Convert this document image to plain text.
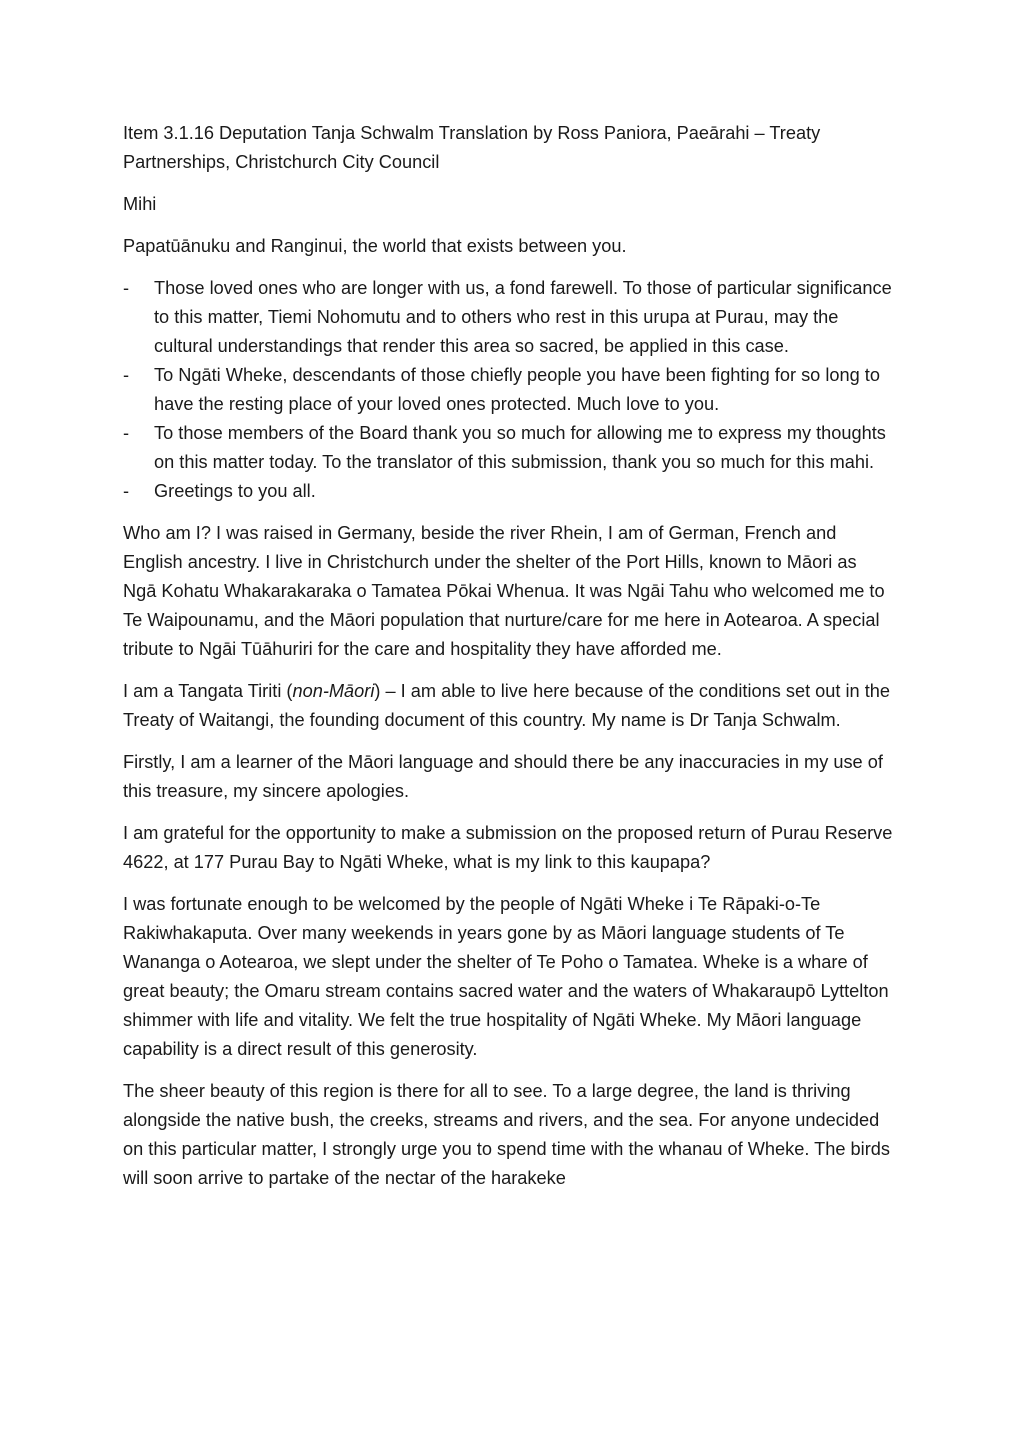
Item 3.1.16 Deputation Tanja Schwalm Translation by Ross Paniora, Paeārahi – Treaty Partnerships, Christchurch City Council

Mihi

Papatūānuku and Ranginui, the world that exists between you.

- Those loved ones who are longer with us, a fond farewell. To those of particular significance to this matter, Tiemi Nohomutu and to others who rest in this urupa at Purau, may the cultural understandings that render this area so sacred, be applied in this case.
- To Ngāti Wheke, descendants of those chiefly people you have been fighting for so long to have the resting place of your loved ones protected. Much love to you.
- To those members of the Board thank you so much for allowing me to express my thoughts on this matter today. To the translator of this submission, thank you so much for this mahi.
- Greetings to you all.

Who am I? I was raised in Germany, beside the river Rhein, I am of German, French and English ancestry. I live in Christchurch under the shelter of the Port Hills, known to Māori as Ngā Kohatu Whakarakaraka o Tamatea Pōkai Whenua. It was Ngāi Tahu who welcomed me to Te Waipounamu, and the Māori population that nurture/care for me here in Aotearoa. A special tribute to Ngāi Tūāhuriri for the care and hospitality they have afforded me.

I am a Tangata Tiriti (non-Māori) – I am able to live here because of the conditions set out in the Treaty of Waitangi, the founding document of this country. My name is Dr Tanja Schwalm.

Firstly, I am a learner of the Māori language and should there be any inaccuracies in my use of this treasure, my sincere apologies.

I am grateful for the opportunity to make a submission on the proposed return of Purau Reserve 4622, at 177 Purau Bay to Ngāti Wheke, what is my link to this kaupapa?

I was fortunate enough to be welcomed by the people of Ngāti Wheke i Te Rāpaki-o-Te Rakiwhakaputa. Over many weekends in years gone by as Māori language students of Te Wananga o Aotearoa, we slept under the shelter of Te Poho o Tamatea. Wheke is a whare of great beauty; the Omaru stream contains sacred water and the waters of Whakaraupō Lyttelton shimmer with life and vitality. We felt the true hospitality of Ngāti Wheke. My Māori language capability is a direct result of this generosity.

The sheer beauty of this region is there for all to see. To a large degree, the land is thriving alongside the native bush, the creeks, streams and rivers, and the sea. For anyone undecided on this particular matter, I strongly urge you to spend time with the whanau of Wheke. The birds will soon arrive to partake of the nectar of the harakeke
